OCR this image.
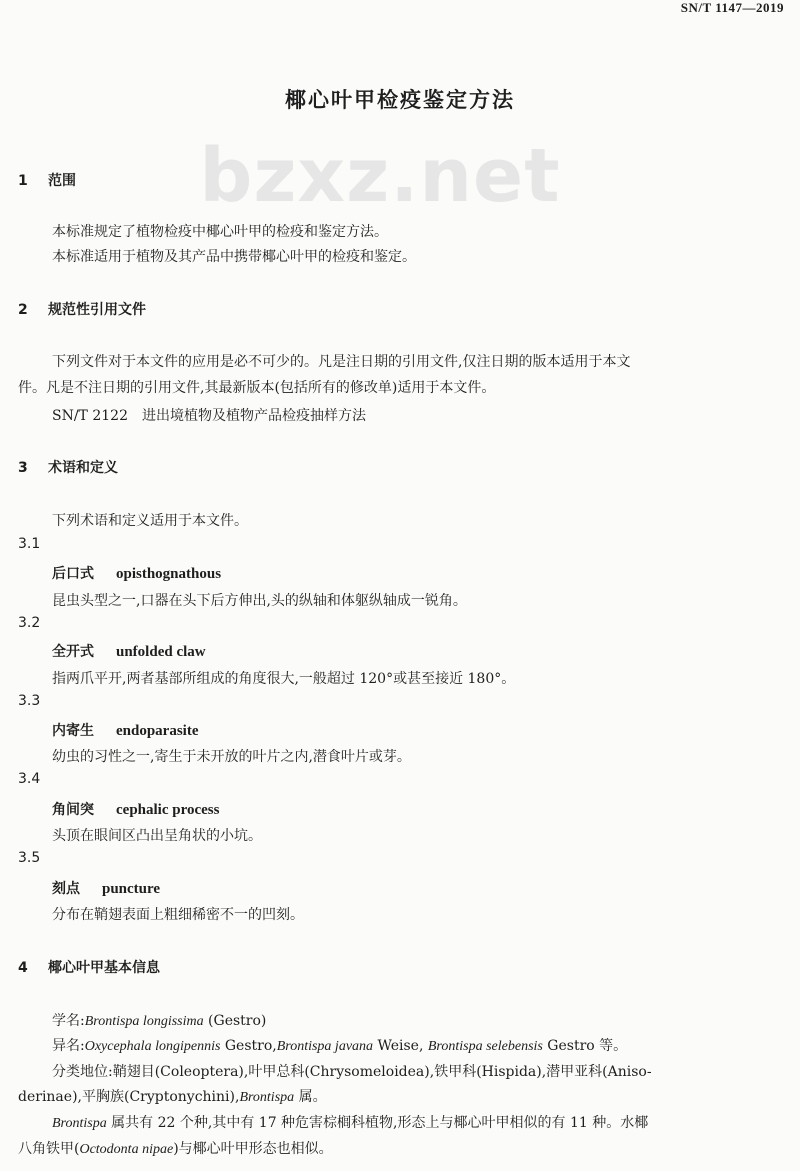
SN/T 1147—2019
bzxz.net
椰心叶甲检疫鉴定方法
1 范围
本标准规定了植物检疫中椰心叶甲的检疫和鉴定方法。
本标准适用于植物及其产品中携带椰心叶甲的检疫和鉴定。
2 规范性引用文件
下列文件对于本文件的应用是必不可少的。凡是注日期的引用文件,仅注日期的版本适用于本文
件。凡是不注日期的引用文件,其最新版本(包括所有的修改单)适用于本文件。
SN/T 2122　进出境植物及植物产品检疫抽样方法
3 术语和定义
下列术语和定义适用于本文件。
3.1
后口式 opisthognathous
昆虫头型之一,口器在头下后方伸出,头的纵轴和体躯纵轴成一锐角。
3.2
全开式 unfolded claw
指两爪平开,两者基部所组成的角度很大,一般超过 120°或甚至接近 180°。
3.3
内寄生 endoparasite
幼虫的习性之一,寄生于未开放的叶片之内,潜食叶片或芽。
3.4
角间突 cephalic process
头顶在眼间区凸出呈角状的小坑。
3.5
刻点 puncture
分布在鞘翅表面上粗细稀密不一的凹刻。
4 椰心叶甲基本信息
学名:Brontispa longissima (Gestro)
异名:Oxycephala longipennis Gestro,Brontispa javana Weise, Brontispa selebensis Gestro 等。
分类地位:鞘翅目(Coleoptera),叶甲总科(Chrysomeloidea),铁甲科(Hispida),潜甲亚科(Aniso-
derinae),平胸族(Cryptonychini),Brontispa 属。
Brontispa 属共有 22 个种,其中有 17 种危害棕榈科植物,形态上与椰心叶甲相似的有 11 种。水椰
八角铁甲(Octodonta nipae)与椰心叶甲形态也相似。
